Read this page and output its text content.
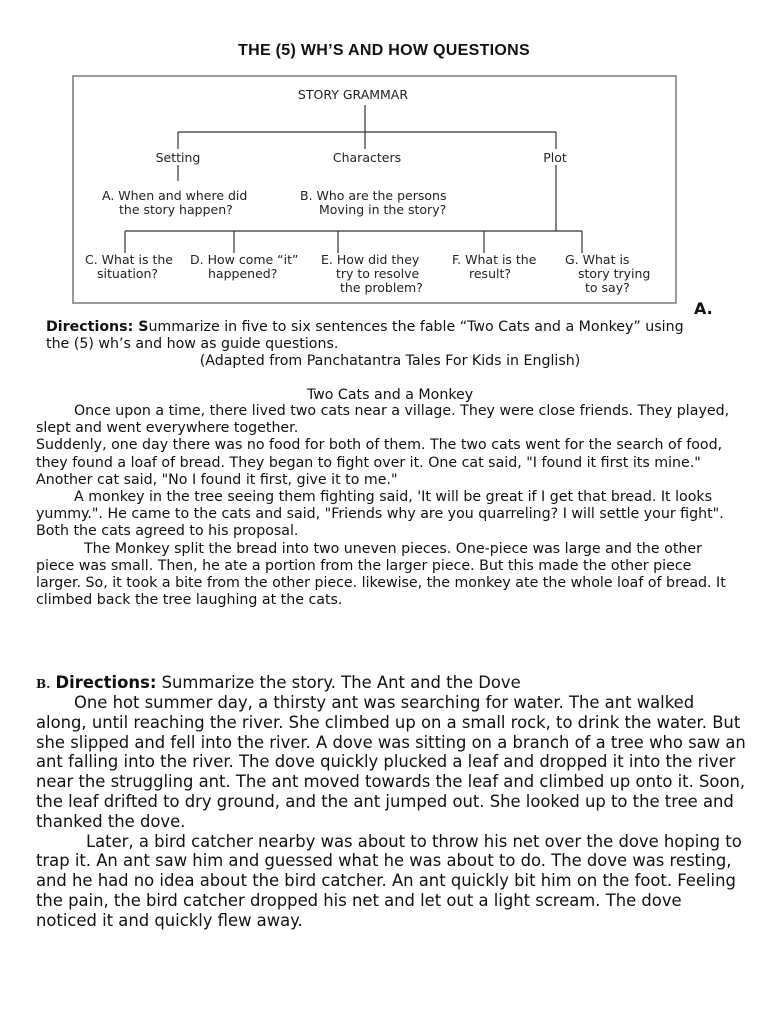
THE (5) WH’S AND HOW QUESTIONS
STORY GRAMMAR
Setting	Characters	Plot
A. When and where did
the story happen?
B. Who are the persons
Moving in the story?
C. What is the
situation?
D. How come “it”
happened?
E. How did they
try to resolve
the problem?
F. What is the
result?
G. What is
story trying
to say?
A.
Directions: Summarize in five to six sentences the fable “Two Cats and a Monkey” using the (5) wh’s and how as guide questions.
(Adapted from Panchatantra Tales For Kids in English)
Two Cats and a Monkey

Once upon a time, there lived two cats near a village. They were close friends. They played, slept and went everywhere together.

Suddenly, one day there was no food for both of them. The two cats went for the search of food, they found a loaf of bread. They began to fight over it. One cat said, "I found it first its mine." Another cat said, "No I found it first, give it to me."

A monkey in the tree seeing them fighting said, 'It will be great if I get that bread. It looks yummy.". He came to the cats and said, "Friends why are you quarreling? I will settle your fight". Both the cats agreed to his proposal.

The Monkey split the bread into two uneven pieces. One-piece was large and the other piece was small. Then, he ate a portion from the larger piece. But this made the other piece larger. So, it took a bite from the other piece. likewise, the monkey ate the whole loaf of bread. It climbed back the tree laughing at the cats.

B. Directions: Summarize the story. The Ant and the Dove

One hot summer day, a thirsty ant was searching for water. The ant walked along, until reaching the river. She climbed up on a small rock, to drink the water. But she slipped and fell into the river. A dove was sitting on a branch of a tree who saw an ant falling into the river. The dove quickly plucked a leaf and dropped it into the river near the struggling ant. The ant moved towards the leaf and climbed up onto it. Soon, the leaf drifted to dry ground, and the ant jumped out. She looked up to the tree and thanked the dove.

Later, a bird catcher nearby was about to throw his net over the dove hoping to trap it. An ant saw him and guessed what he was about to do. The dove was resting, and he had no idea about the bird catcher. An ant quickly bit him on the foot. Feeling the pain, the bird catcher dropped his net and let out a light scream. The dove noticed it and quickly flew away.
